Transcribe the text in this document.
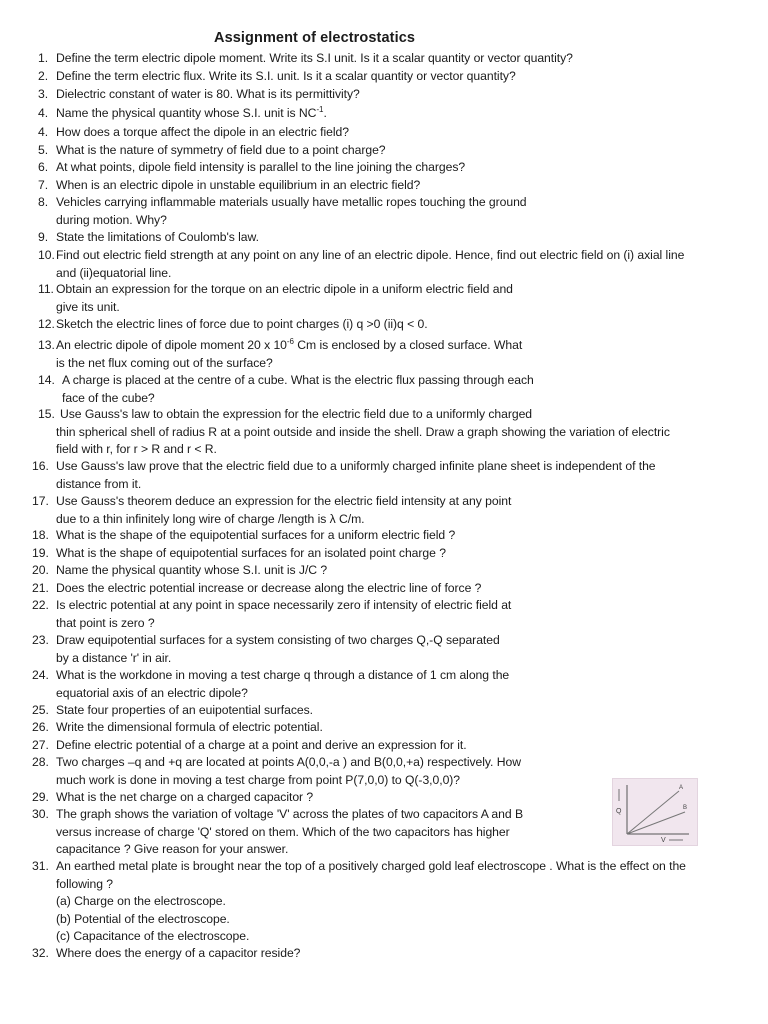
Assignment of electrostatics
1. Define the term electric dipole moment. Write its S.I unit. Is it a scalar quantity or vector quantity?
2. Define the term electric flux. Write its S.I. unit. Is it a scalar quantity or vector quantity?
3. Dielectric constant of water is 80. What is its permittivity?
4. Name the physical quantity whose S.I. unit is $NC^{-1}$.
4. How does a torque affect the dipole in an electric field?
5. What is the nature of symmetry of field due to a point charge?
6. At what points, dipole field intensity is parallel to the line joining the charges?
7. When is an electric dipole in unstable equilibrium in an electric field?
8. Vehicles carrying inflammable materials usually have metallic ropes touching the ground
during motion. Why?
9. State the limitations of Coulomb's law.
10. Find out electric field strength at any point on any line of an electric dipole. Hence, find out electric field on (i) axial line
and (ii)equatorial line.
11. Obtain an expression for the torque on an electric dipole in a uniform electric field and
give its unit.
12. Sketch the electric lines of force due to point charges (i) q >0 (ii)q < 0.
13. An electric dipole of dipole moment 20 x $10^{-6}$ Cm is enclosed by a closed surface. What
is the net flux coming out of the surface?
14. A charge is placed at the centre of a cube. What is the electric flux passing through each
face of the cube?
15. Use Gauss's law to obtain the expression for the electric field due to a uniformly charged
thin spherical shell of radius R at a point outside and inside the shell. Draw a graph showing the variation of electric
field with r, for r > R and r < R.
16. Use Gauss's law prove that the electric field due to a uniformly charged infinite plane sheet is independent of the
distance from it.
17. Use Gauss's theorem deduce an expression for the electric field intensity at any point
due to a thin infinitely long wire of charge /length is λ C/m.
18. What is the shape of the equipotential surfaces for a uniform electric field ?
19. What is the shape of equipotential surfaces for an isolated point charge ?
20. Name the physical quantity whose S.I. unit is J/C ?
21. Does the electric potential increase or decrease along the electric line of force ?
22. Is electric potential at any point in space necessarily zero if intensity of electric field at
that point is zero ?
23. Draw equipotential surfaces for a system consisting of two charges Q,-Q separated
by a distance 'r' in air.
24. What is the workdone in moving a test charge q through a distance of 1 cm along the
equatorial axis of an electric dipole?
25. State four properties of an euipotential surfaces.
26. Write the dimensional formula of electric potential.
27. Define electric potential of a charge at a point and derive an expression for it.
28. Two charges –q and +q are located at points A(0,0,-a ) and B(0,0,+a) respectively. How
much work is done in moving a test charge from point P(7,0,0) to Q(-3,0,0)?
29. What is the net charge on a charged capacitor ?
30. The graph shows the variation of voltage 'V' across the plates of two capacitors A and B
versus increase of charge 'Q' stored on them. Which of the two capacitors has higher
capacitance ? Give reason for your answer.
31. An earthed metal plate is brought near the top of a positively charged gold leaf electroscope . What is the effect on the
following ?
(a) Charge on the electroscope.
(b) Potential of the electroscope.
(c) Capacitance of the electroscope.
32. Where does the energy of a capacitor reside?
Q
V
A
B
